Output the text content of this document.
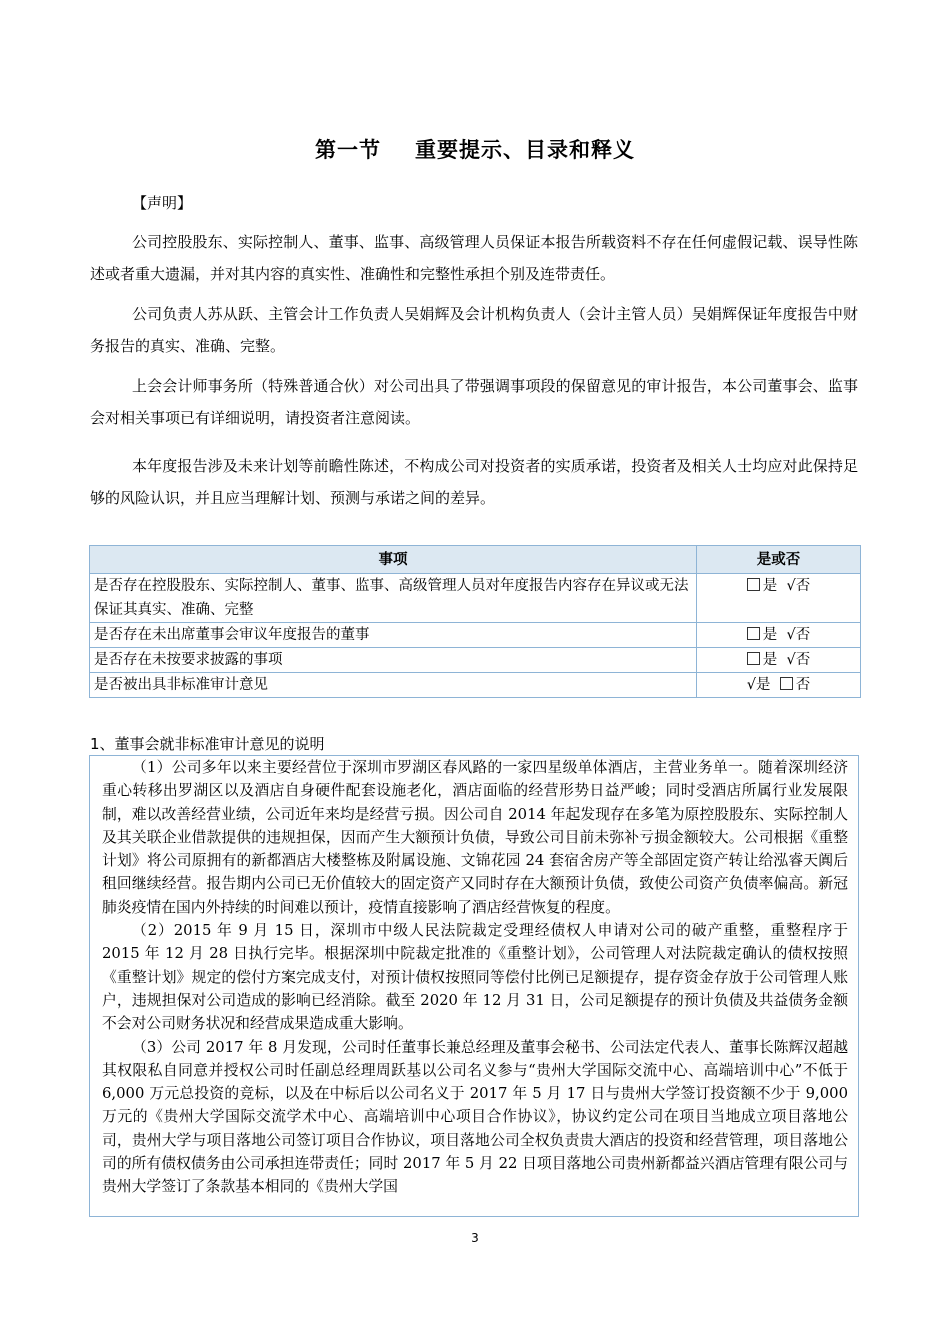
第一节 重要提示、目录和释义
【声明】

公司控股股东、实际控制人、董事、监事、高级管理人员保证本报告所载资料不存在任何虚假记载、误导性陈述或者重大遗漏，并对其内容的真实性、准确性和完整性承担个别及连带责任。

公司负责人苏从跃、主管会计工作负责人吴娟辉及会计机构负责人（会计主管人员）吴娟辉保证年度报告中财务报告的真实、准确、完整。

上会会计师事务所（特殊普通合伙）对公司出具了带强调事项段的保留意见的审计报告，本公司董事会、监事会对相关事项已有详细说明，请投资者注意阅读。

本年度报告涉及未来计划等前瞻性陈述，不构成公司对投资者的实质承诺，投资者及相关人士均应对此保持足够的风险认识，并且应当理解计划、预测与承诺之间的差异。

事项	是或否
是否存在控股股东、实际控制人、董事、监事、高级管理人员对年度报告内容存在异议或无法保证其真实、准确、完整	是 √否
是否存在未出席董事会审议年度报告的董事	是 √否
是否存在未按要求披露的事项	是 √否
是否被出具非标准审计意见	√是 否
1、董事会就非标准审计意见的说明

（1）公司多年以来主要经营位于深圳市罗湖区春风路的一家四星级单体酒店，主营业务单一。随着深圳经济重心转移出罗湖区以及酒店自身硬件配套设施老化，酒店面临的经营形势日益严峻；同时受酒店所属行业发展限制，难以改善经营业绩，公司近年来均是经营亏损。因公司自 2014 年起发现存在多笔为原控股股东、实际控制人及其关联企业借款提供的违规担保，因而产生大额预计负债，导致公司目前未弥补亏损金额较大。公司根据《重整计划》将公司原拥有的新都酒店大楼整栋及附属设施、文锦花园 24 套宿舍房产等全部固定资产转让给泓睿天阗后租回继续经营。报告期内公司已无价值较大的固定资产又同时存在大额预计负债，致使公司资产负债率偏高。新冠肺炎疫情在国内外持续的时间难以预计，疫情直接影响了酒店经营恢复的程度。

（2）2015 年 9 月 15 日，深圳市中级人民法院裁定受理经债权人申请对公司的破产重整，重整程序于 2015 年 12 月 28 日执行完毕。根据深圳中院裁定批准的《重整计划》，公司管理人对法院裁定确认的债权按照《重整计划》规定的偿付方案完成支付，对预计债权按照同等偿付比例已足额提存，提存资金存放于公司管理人账户，违规担保对公司造成的影响已经消除。截至 2020 年 12 月 31 日，公司足额提存的预计负债及共益债务金额不会对公司财务状况和经营成果造成重大影响。

（3）公司 2017 年 8 月发现，公司时任董事长兼总经理及董事会秘书、公司法定代表人、董事长陈辉汉超越其权限私自同意并授权公司时任副总经理周跃基以公司名义参与“贵州大学国际交流中心、高端培训中心”不低于 6,000 万元总投资的竞标，以及在中标后以公司名义于 2017 年 5 月 17 日与贵州大学签订投资额不少于 9,000 万元的《贵州大学国际交流学术中心、高端培训中心项目合作协议》，协议约定公司在项目当地成立项目落地公司，贵州大学与项目落地公司签订项目合作协议，项目落地公司全权负责贵大酒店的投资和经营管理，项目落地公司的所有债权债务由公司承担连带责任；同时 2017 年 5 月 22 日项目落地公司贵州新都益兴酒店管理有限公司与贵州大学签订了条款基本相同的《贵州大学国

3
